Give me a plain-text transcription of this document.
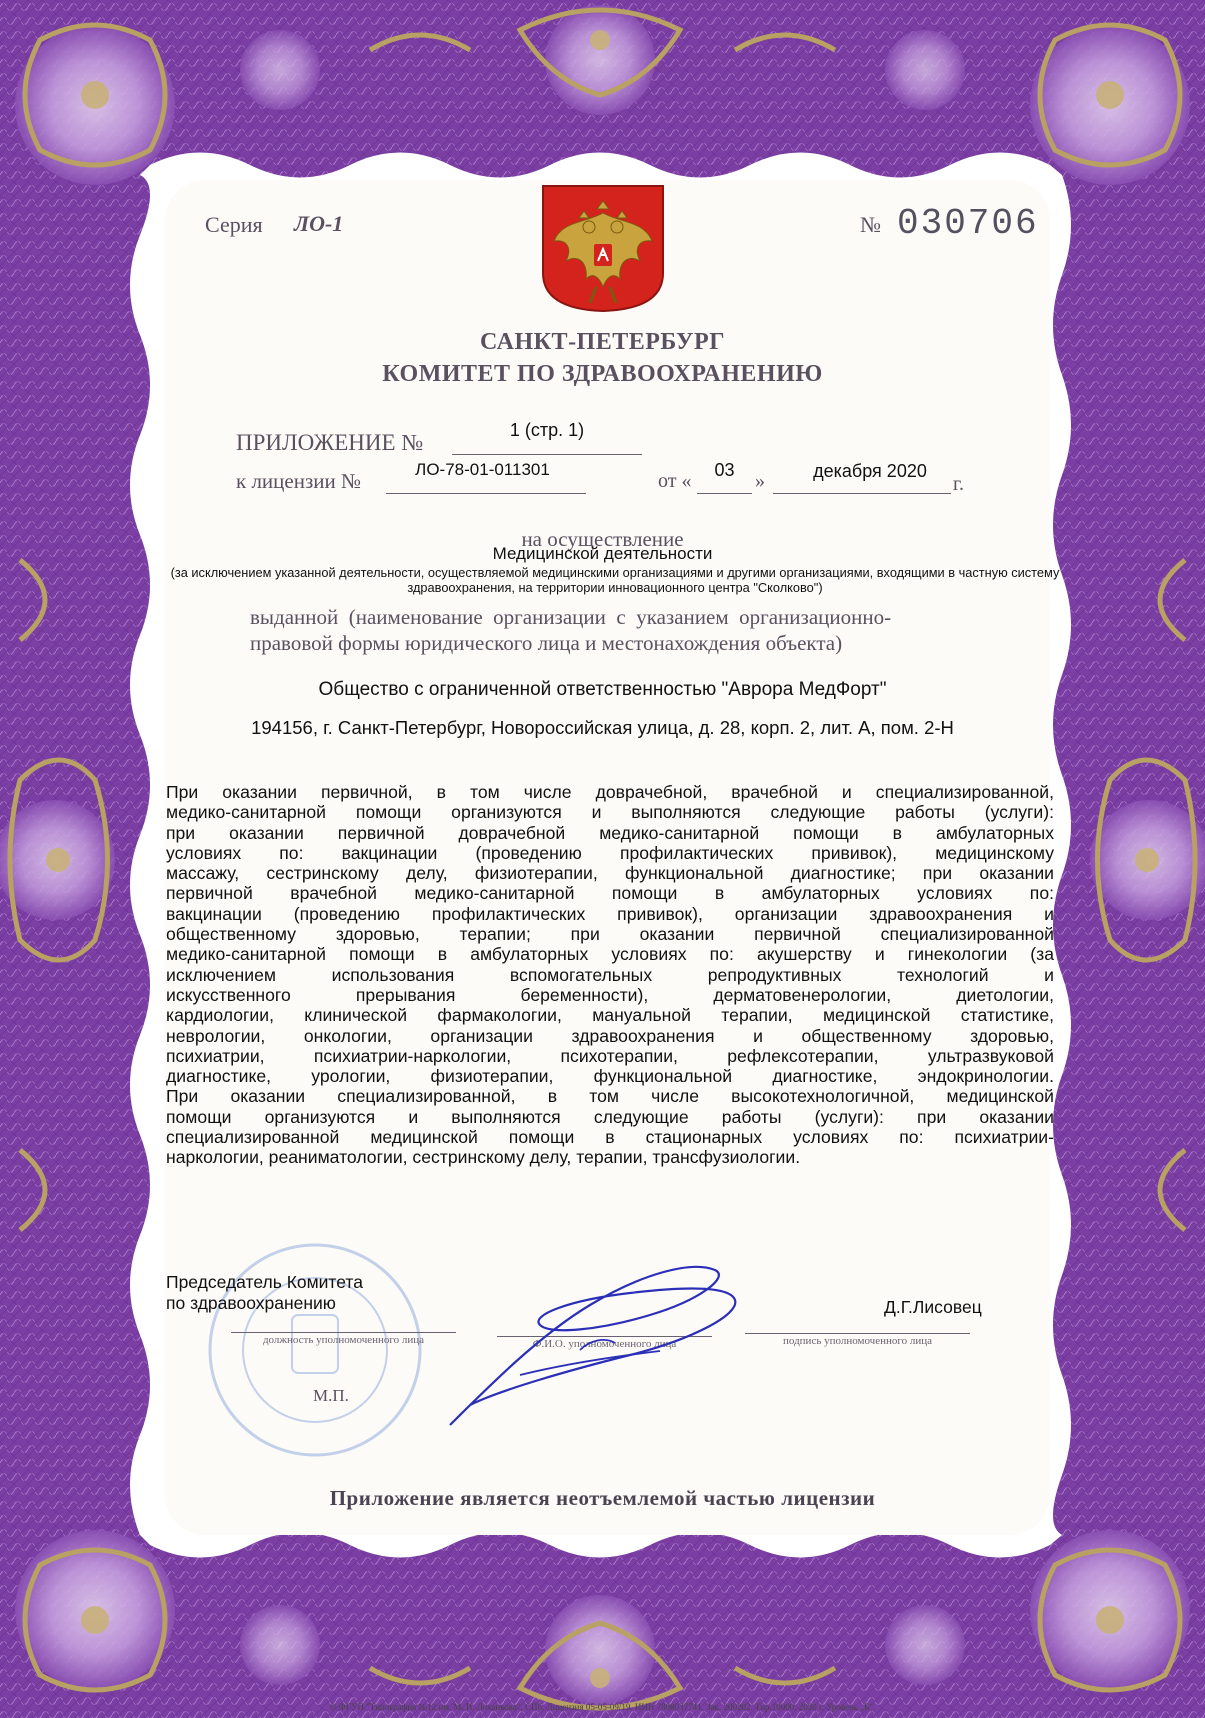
Серия ЛО-1	№ 030706
САНКТ-ПЕТЕРБУРГ
КОМИТЕТ ПО ЗДРАВООХРАНЕНИЮ
ПРИЛОЖЕНИЕ №	1 (стр. 1)
к лицензии №	ЛО-78-01-011301
от «	03	»	декабря 2020
г.
на осуществление
Медицинской деятельности
(за исключением указанной деятельности, осуществляемой медицинскими организациями и другими организациями, входящими в частную систему здравоохранения, на территории инновационного центра "Сколково")
выданной  (наименование  организации  с  указанием  организационно-
правовой формы юридического лица и местонахождения объекта)
Общество с ограниченной ответственностью "Аврора МедФорт"
194156, г. Санкт-Петербург, Новороссийская улица, д. 28, корп. 2, лит. А, пом. 2-Н
При оказании первичной, в том числе доврачебной, врачебной и специализированной,
медико-санитарной помощи организуются и выполняются следующие работы (услуги):
при оказании первичной доврачебной медико-санитарной помощи в амбулаторных
условиях по: вакцинации (проведению профилактических прививок), медицинскому
массажу, сестринскому делу, физиотерапии, функциональной диагностике; при оказании
первичной врачебной медико-санитарной помощи в амбулаторных условиях по:
вакцинации (проведению профилактических прививок), организации здравоохранения и
общественному здоровью, терапии; при оказании первичной специализированной
медико-санитарной помощи в амбулаторных условиях по: акушерству и гинекологии (за
исключением использования вспомогательных репродуктивных технологий и
искусственного прерывания беременности), дерматовенерологии, диетологии,
кардиологии, клинической фармакологии, мануальной терапии, медицинской статистике,
неврологии, онкологии, организации здравоохранения и общественному здоровью,
психиатрии, психиатрии-наркологии, психотерапии, рефлексотерапии, ультразвуковой
диагностике, урологии, физиотерапии, функциональной диагностике, эндокринологии.
При оказании специализированной, в том числе высокотехнологичной, медицинской
помощи организуются и выполняются следующие работы (услуги): при оказании
специализированной медицинской помощи в стационарных условиях по: психиатрии-
наркологии, реаниматологии, сестринскому делу, терапии, трансфузиологии.
Председатель Комитета
по здравоохранению	Д.Г.Лисовец
должность уполномоченного лица	Ф.И.О. уполномоченного лица	подпись уполномоченного лица
М.П.
Приложение является неотъемлемой частью лицензии
© ФГУП "Типография №12 им. М. И. Лоханкова". СПб. Лицензия 05-05-09/19. ИНН 7808037741. Зак. 200202. Тир.10000. 2020 г. Уровень „Б".
